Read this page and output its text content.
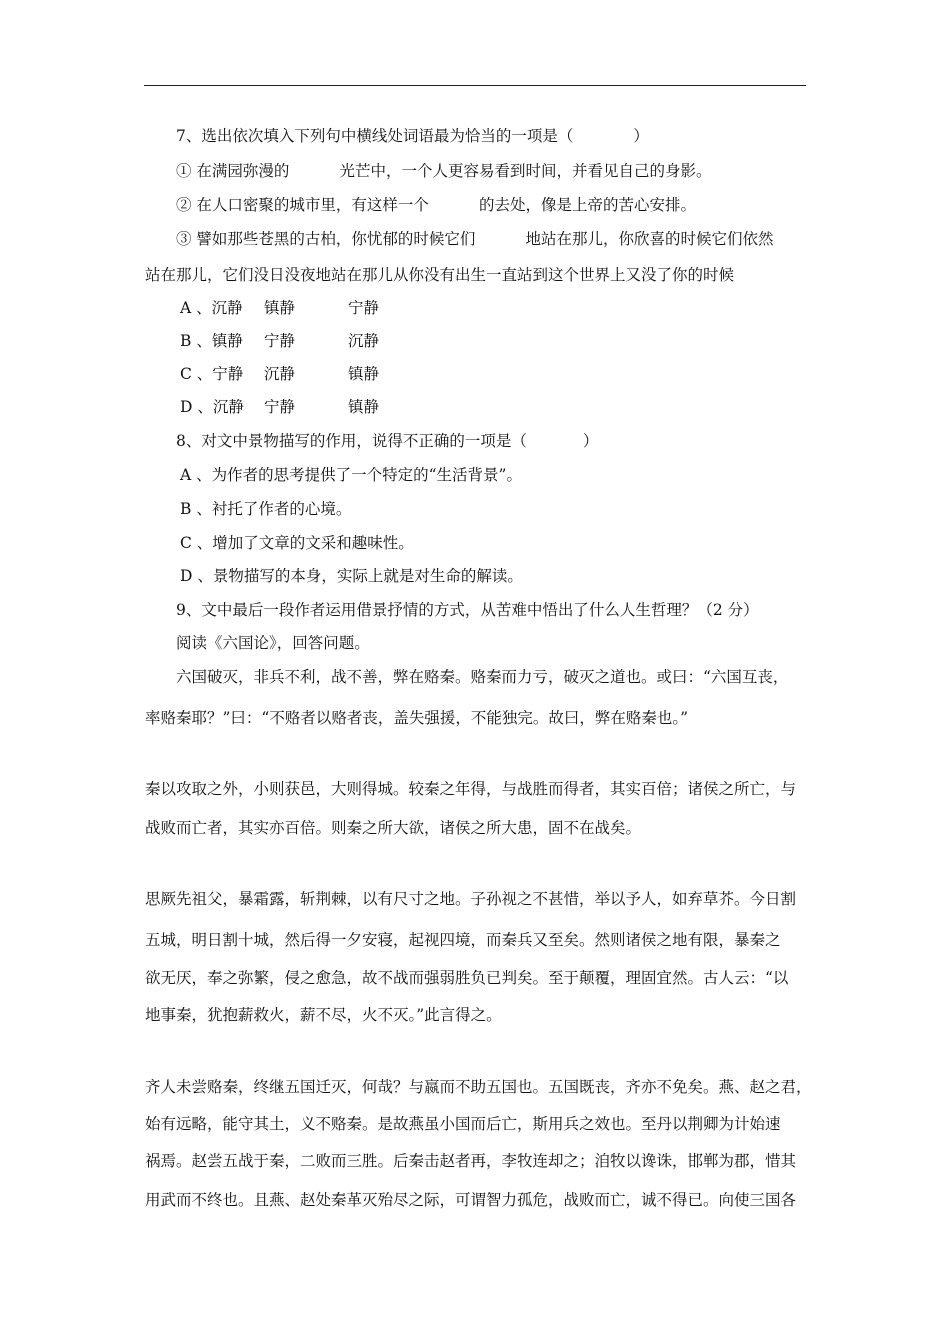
7、选出依次填入下列句中横线处词语最为恰当的一项是（	）
① 在满园弥漫的	光芒中，一个人更容易看到时间，并看见自己的身影。
② 在人口密聚的城市里，有这样一个	的去处，像是上帝的苦心安排。
③ 譬如那些苍黑的古柏，你忧郁的时候它们	地站在那儿，你欣喜的时候它们依然
站在那儿，它们没日没夜地站在那儿从你没有出生一直站到这个世界上又没了你的时候
A 、沉静 镇静	宁静
B 、镇静 宁静	沉静
C 、宁静 沉静	镇静
D 、沉静 宁静	镇静
8、对文中景物描写的作用，说得不正确的一项是（	）
A 、为作者的思考提供了一个特定的“生活背景”。
B 、衬托了作者的心境。
C 、增加了文章的文采和趣味性。
D 、景物描写的本身，实际上就是对生命的解读。
9、文中最后一段作者运用借景抒情的方式，从苦难中悟出了什么人生哲理？（2 分）
阅读《六国论》，回答问题。
六国破灭，非兵不利，战不善，弊在赂秦。赂秦而力亏，破灭之道也。或曰：“六国互丧，
率赂秦耶？”曰：“不赂者以赂者丧，盖失强援，不能独完。故曰，弊在赂秦也。”
秦以攻取之外，小则获邑，大则得城。较秦之年得，与战胜而得者，其实百倍；诸侯之所亡，与
战败而亡者，其实亦百倍。则秦之所大欲，诸侯之所大患，固不在战矣。
思厥先祖父，暴霜露，斩荆棘，以有尺寸之地。子孙视之不甚惜，举以予人，如弃草芥。今日割
五城，明日割十城，然后得一夕安寝，起视四境，而秦兵又至矣。然则诸侯之地有限，暴秦之
欲无厌，奉之弥繁，侵之愈急，故不战而强弱胜负已判矣。至于颠覆，理固宜然。古人云：“以
地事秦，犹抱薪救火，薪不尽，火不灭。”此言得之。
齐人未尝赂秦，终继五国迁灭，何哉？与嬴而不助五国也。五国既丧，齐亦不免矣。燕、赵之君，
始有远略，能守其土，义不赂秦。是故燕虽小国而后亡，斯用兵之效也。至丹以荆卿为计始速
祸焉。赵尝五战于秦，二败而三胜。后秦击赵者再，李牧连却之；洎牧以谗诛，邯郸为郡，惜其
用武而不终也。且燕、赵处秦革灭殆尽之际，可谓智力孤危，战败而亡，诚不得已。向使三国各
